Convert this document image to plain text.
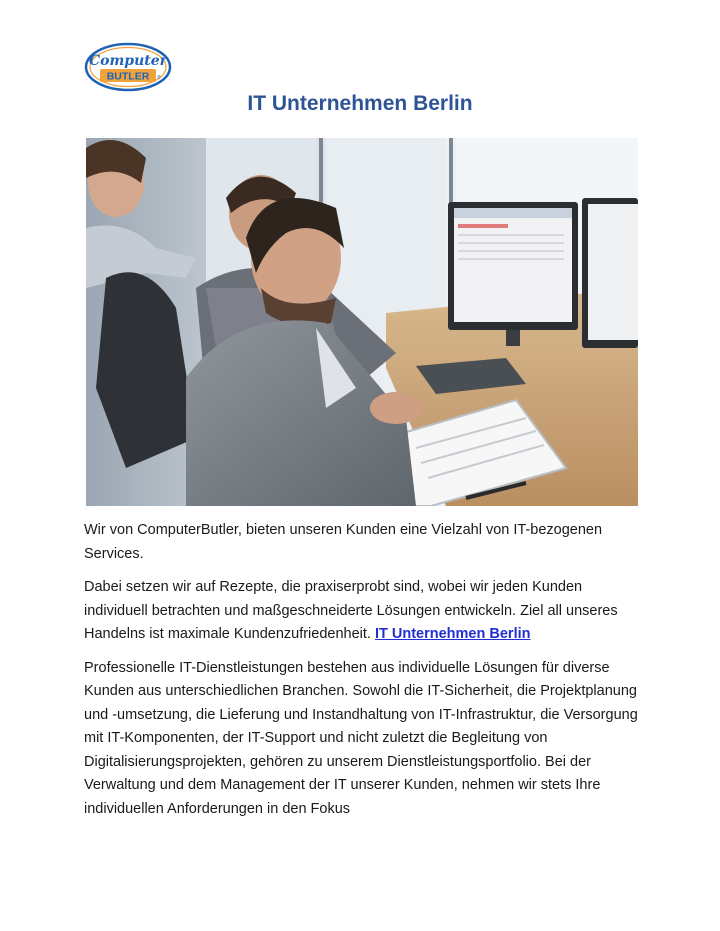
Computer
BUTLER ®
IT Unternehmen Berlin

Wir von ComputerButler, bieten unseren Kunden eine Vielzahl von IT-bezogenen Services.

Dabei setzen wir auf Rezepte, die praxiserprobt sind, wobei wir jeden Kunden individuell betrachten und maßgeschneiderte Lösungen entwickeln. Ziel all unseres Handelns ist maximale Kundenzufriedenheit. IT Unternehmen Berlin

Professionelle IT-Dienstleistungen bestehen aus individuelle Lösungen für diverse Kunden aus unterschiedlichen Branchen. Sowohl die IT-Sicherheit, die Projektplanung und -umsetzung, die Lieferung und Instandhaltung von IT-Infrastruktur, die Versorgung mit IT-Komponenten, der IT-Support und nicht zuletzt die Begleitung von Digitalisierungsprojekten, gehören zu unserem Dienstleistungsportfolio. Bei der Verwaltung und dem Management der IT unserer Kunden, nehmen wir stets Ihre individuellen Anforderungen in den Fokus
